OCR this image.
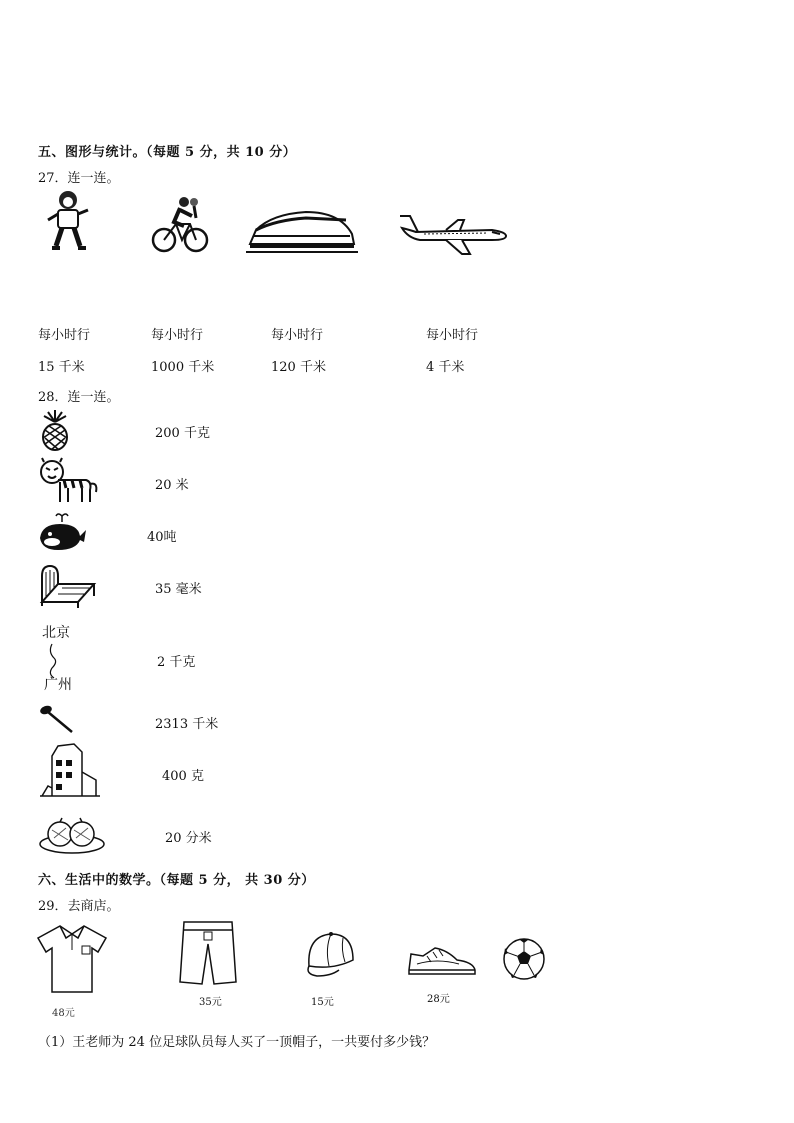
五、图形与统计。（每题 5 分，共 10 分）
27．连一连。
每小时行
15 千米
每小时行
1000 千米
每小时行
120 千米
每小时行
4 千米
28．连一连。
200 千克
20 米
40吨
35 毫米
北京
广州
2 千克
2313 千米
400 克
20 分米
六、生活中的数学。（每题 5 分， 共 30 分）
29．去商店。
48元
35元	15元	28元
（1）王老师为 24 位足球队员每人买了一顶帽子，一共要付多少钱？
